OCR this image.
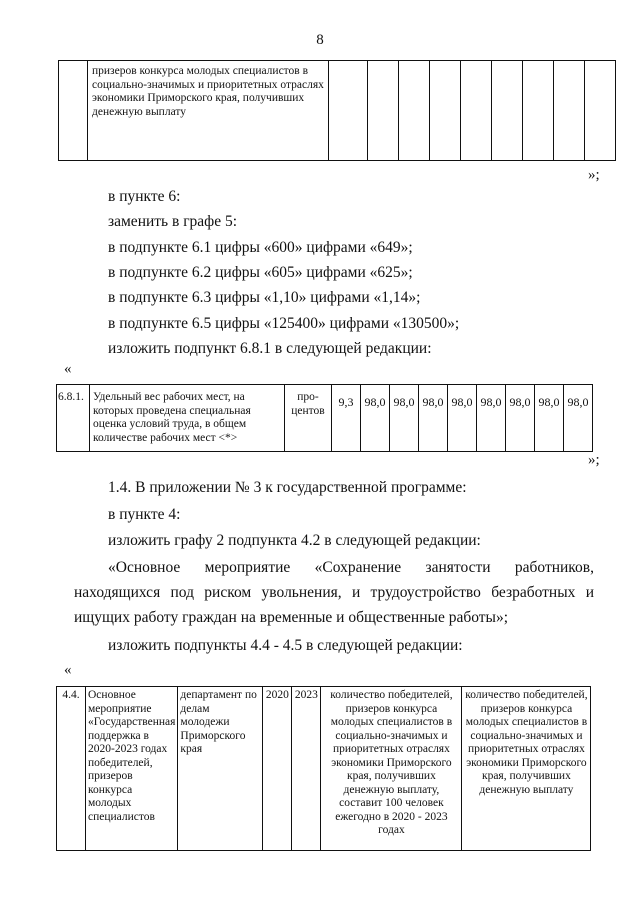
8
	призеров конкурса молодых специалистов в социально-значимых и приоритетных отраслях экономики Приморского края, получивших денежную выплату									
»;
в пункте 6:
заменить в графе 5:
в подпункте 6.1 цифры «600» цифрами «649»;
в подпункте 6.2 цифры «605» цифрами «625»;
в подпункте 6.3 цифры «1,10» цифрами «1,14»;
в подпункте 6.5 цифры «125400» цифрами «130500»;
изложить подпункт 6.8.1 в следующей редакции:
«
6.8.1.	Удельный вес рабочих мест, на которых проведена специальная оценка условий труда, в общем количестве рабочих мест <*>	про-центов	9,3	98,0	98,0	98,0	98,0	98,0	98,0	98,0	98,0
»;
1.4. В приложении № 3 к государственной программе:
в пункте 4:
изложить графу 2 подпункта 4.2 в следующей редакции:
«Основное мероприятие «Сохранение занятости работников, находящихся под риском увольнения, и трудоустройство безработных и ищущих работу граждан на временные и общественные работы»;
изложить подпункты 4.4 - 4.5 в следующей редакции:
«
4.4.	Основное мероприятие «Государственная поддержка в 2020-2023 годах победителей, призеров конкурса молодых специалистов	департамент по делам молодежи Приморского края	2020	2023	количество победителей, призеров конкурса молодых специалистов в социально-значимых и приоритетных отраслях экономики Приморского края, получивших денежную выплату, составит 100 человек ежегодно в 2020 - 2023 годах	количество победителей, призеров конкурса молодых специалистов в социально-значимых и приоритетных отраслях экономики Приморского края, получивших денежную выплату
